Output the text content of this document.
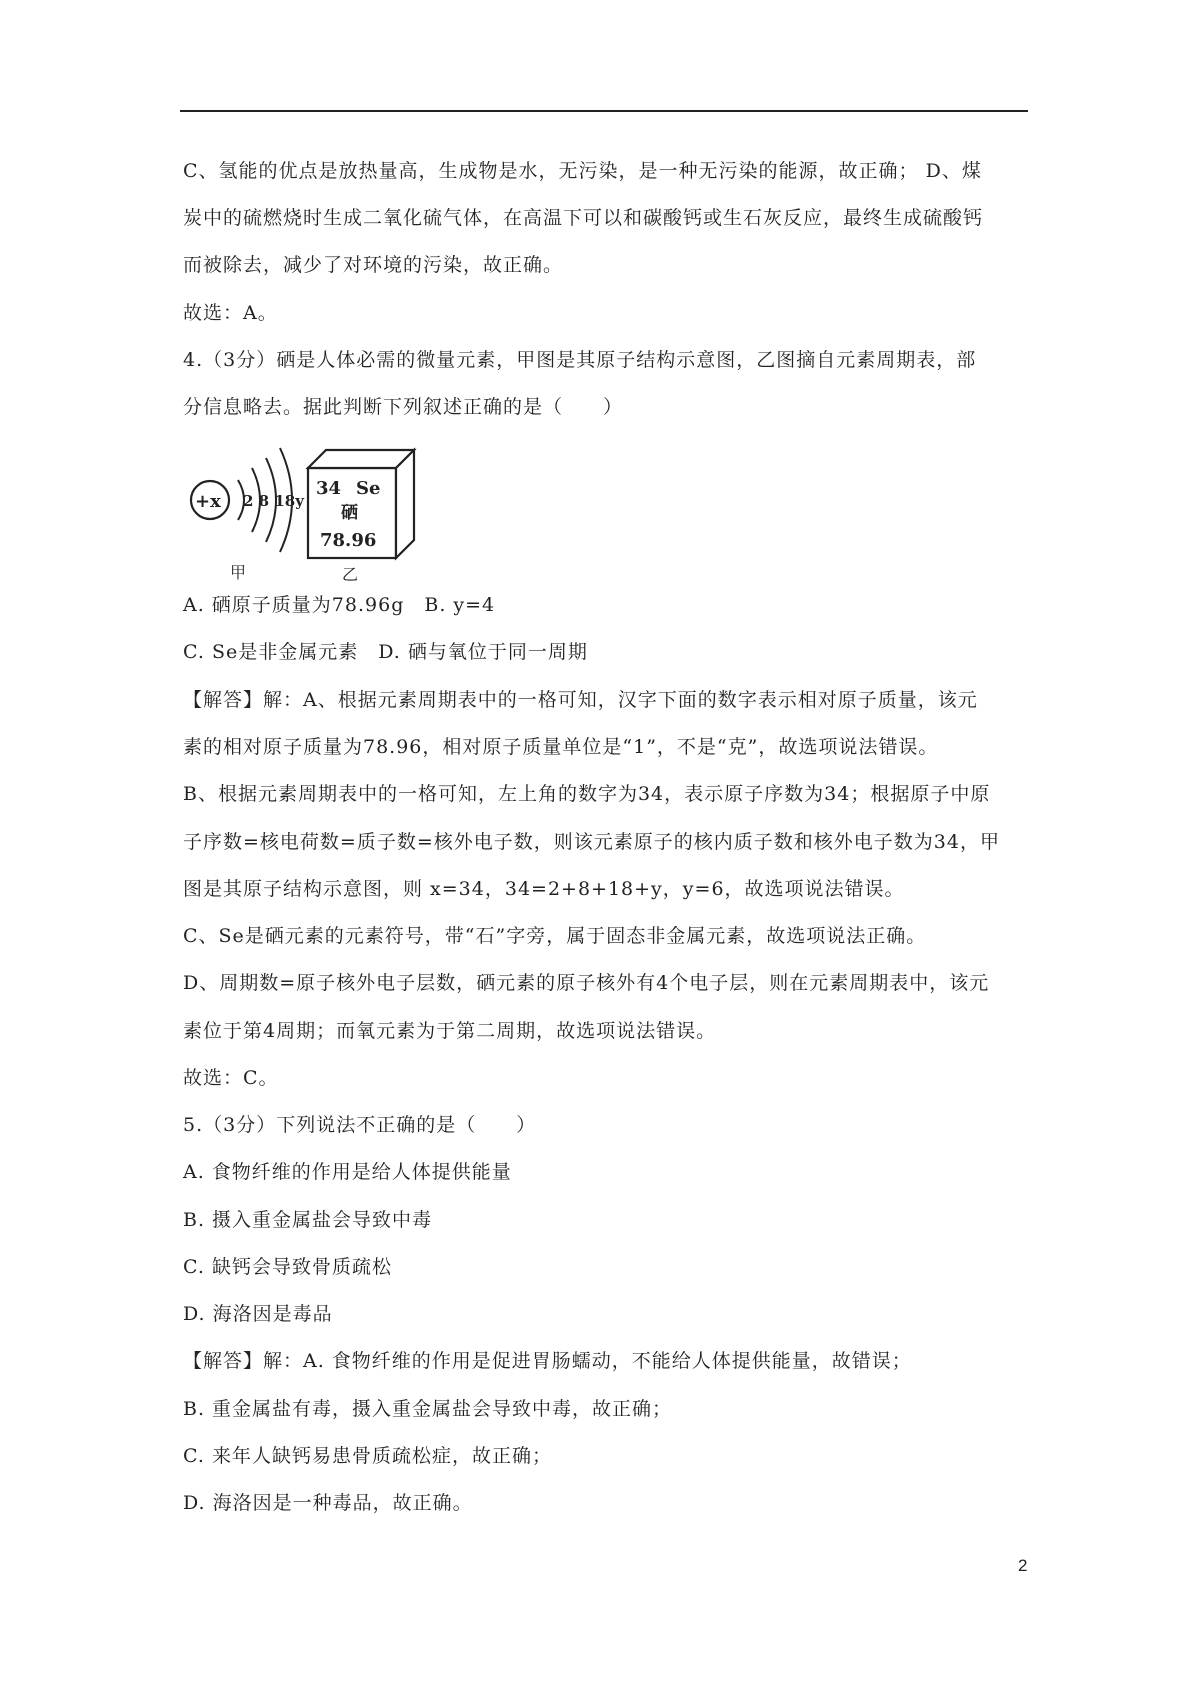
C、氢能的优点是放热量高，生成物是水，无污染，是一种无污染的能源，故正确； D、煤
炭中的硫燃烧时生成二氧化硫气体，在高温下可以和碳酸钙或生石灰反应，最终生成硫酸钙
而被除去，减少了对环境的污染，故正确。
故选：A。
4.（3分）硒是人体必需的微量元素，甲图是其原子结构示意图，乙图摘自元素周期表，部
分信息略去。据此判断下列叙述正确的是（　　）
A. 硒原子质量为78.96g　B. y=4
C. Se是非金属元素　D. 硒与氧位于同一周期
【解答】解：A、根据元素周期表中的一格可知，汉字下面的数字表示相对原子质量，该元
素的相对原子质量为78.96，相对原子质量单位是“1”，不是“克”，故选项说法错误。
B、根据元素周期表中的一格可知，左上角的数字为34，表示原子序数为34；根据原子中原
子序数=核电荷数=质子数=核外电子数，则该元素原子的核内质子数和核外电子数为34，甲
图是其原子结构示意图，则 x=34，34=2+8+18+y，y=6，故选项说法错误。
C、Se是硒元素的元素符号，带“石”字旁，属于固态非金属元素，故选项说法正确。
D、周期数=原子核外电子层数，硒元素的原子核外有4个电子层，则在元素周期表中，该元
素位于第4周期；而氧元素为于第二周期，故选项说法错误。
故选：C。
5.（3分）下列说法不正确的是（　　）
A. 食物纤维的作用是给人体提供能量
B. 摄入重金属盐会导致中毒
C. 缺钙会导致骨质疏松
D. 海洛因是毒品
【解答】解：A. 食物纤维的作用是促进胃肠蠕动，不能给人体提供能量，故错误；
B. 重金属盐有毒，摄入重金属盐会导致中毒，故正确；
C. 来年人缺钙易患骨质疏松症，故正确；
D. 海洛因是一种毒品，故正确。
+x 2 8 18y
甲
34 Se
硒
78.96
乙
2
